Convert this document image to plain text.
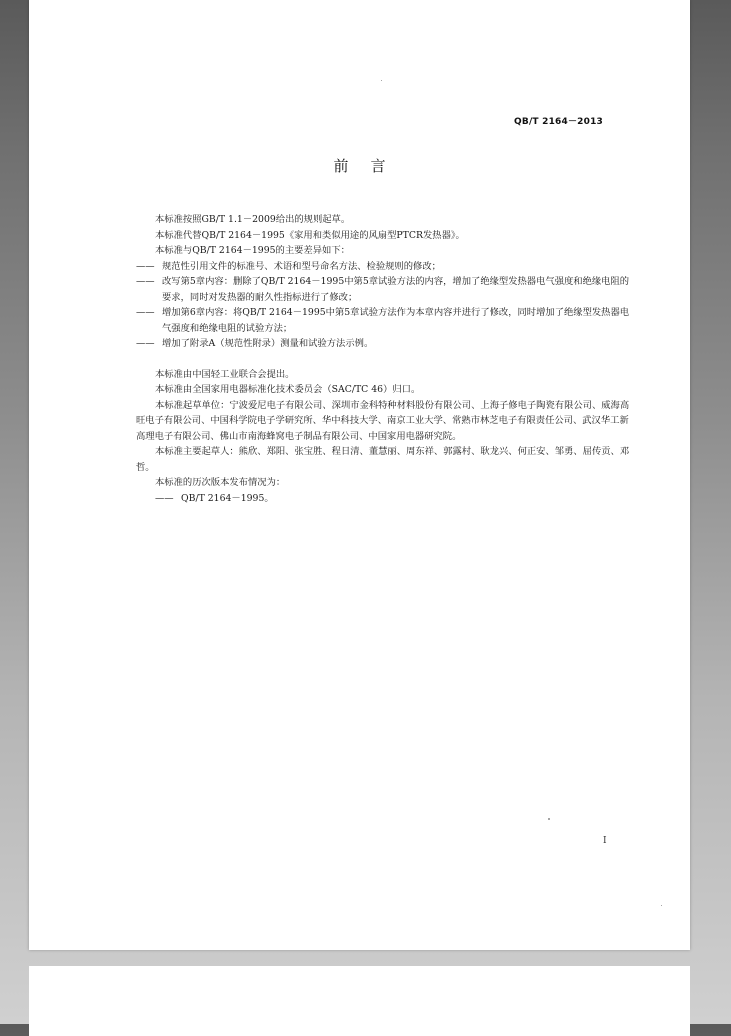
QB/T 2164－2013
前言

本标准按照GB/T 1.1－2009给出的规则起草。

本标准代替QB/T 2164－1995《家用和类似用途的风扇型PTCR发热器》。

本标准与QB/T 2164－1995的主要差异如下：

—— 规范性引用文件的标准号、术语和型号命名方法、检验规则的修改；
—— 改写第5章内容：删除了QB/T 2164－1995中第5章试验方法的内容，增加了绝缘型发热器电气强度和绝缘电阻的要求，同时对发热器的耐久性指标进行了修改；
—— 增加第6章内容：将QB/T 2164－1995中第5章试验方法作为本章内容并进行了修改，同时增加了绝缘型发热器电气强度和绝缘电阻的试验方法；
—— 增加了附录A（规范性附录）测量和试验方法示例。

本标准由中国轻工业联合会提出。

本标准由全国家用电器标准化技术委员会（SAC/TC 46）归口。

本标准起草单位：宁波爱尼电子有限公司、深圳市金科特种材料股份有限公司、上海子修电子陶瓷有限公司、威海高旺电子有限公司、中国科学院电子学研究所、华中科技大学、南京工业大学、常熟市林芝电子有限责任公司、武汉华工新高理电子有限公司、佛山市南海蜂窝电子制品有限公司、中国家用电器研究院。

本标准主要起草人：熊欣、郑阳、张宝胜、程日清、董慧丽、周东祥、郭露村、耿龙兴、何正安、邹勇、屈传贡、邓哲。

本标准的历次版本发布情况为：

—— QB/T 2164－1995。
I
